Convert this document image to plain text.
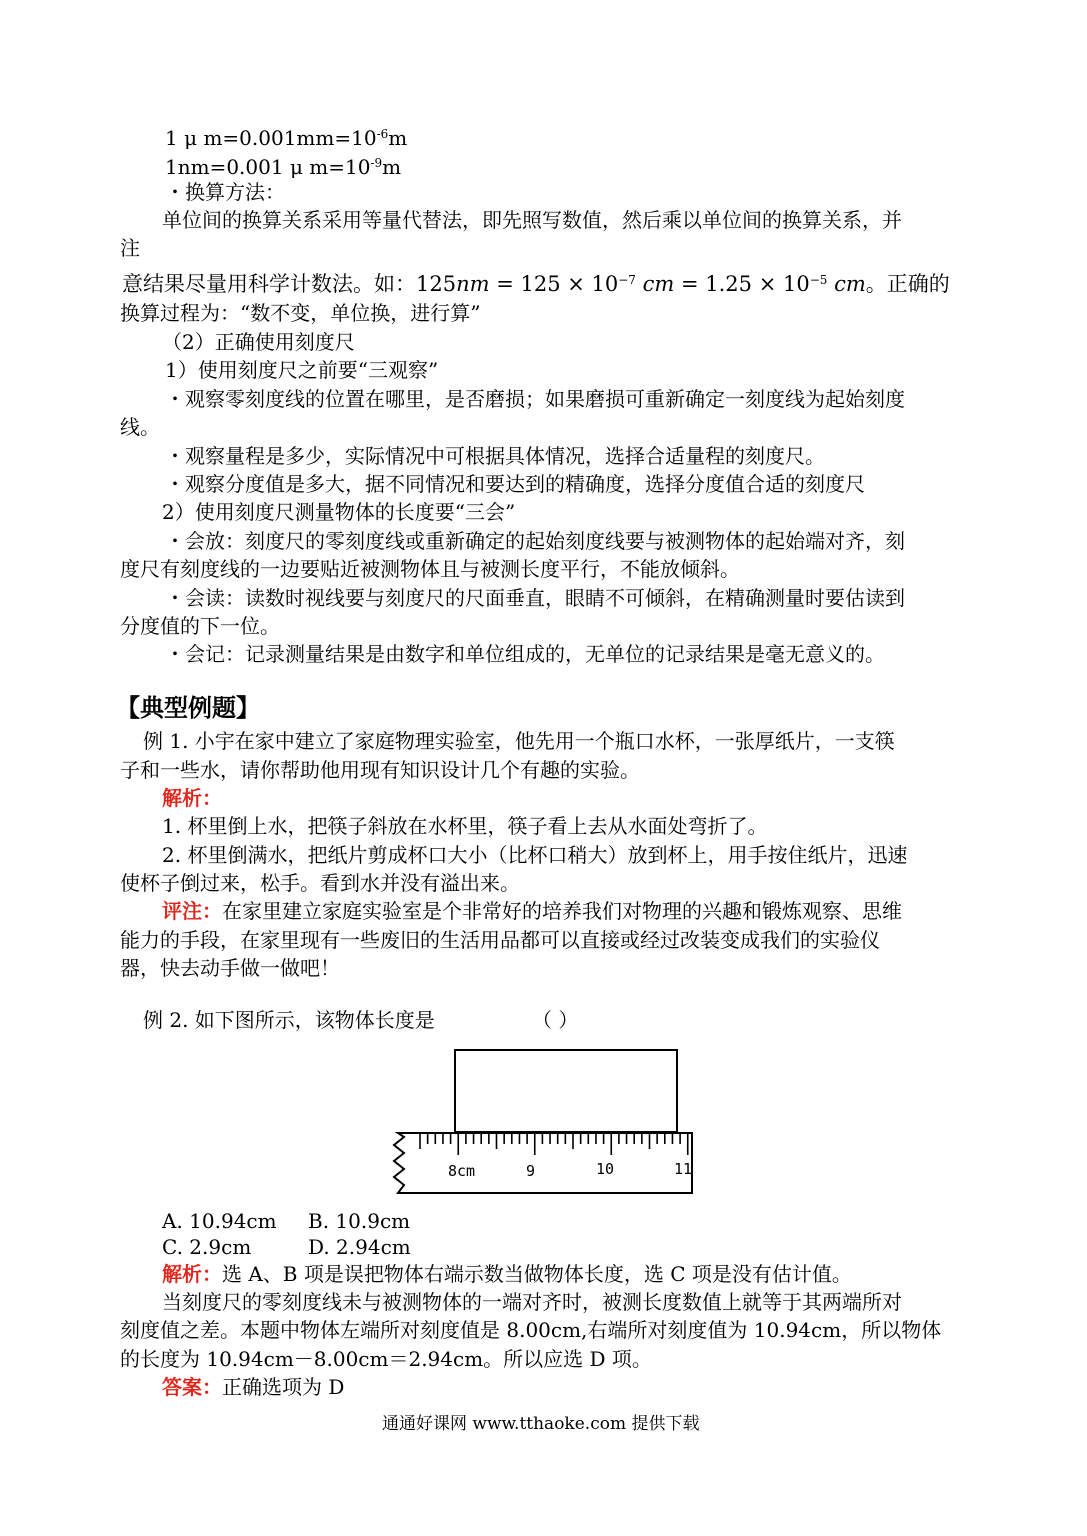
1 μ $m=0.001mm=10^{-6}m$
1nm=0.001 μ $m=10^{-9}m$
・换算方法：
单位间的换算关系采用等量代替法，即先照写数值，然后乘以单位间的换算关系，并
注
意结果尽量用科学计数法。如：$125nm = 125 \times 10^{-7}$ cm = $1.25 \times 10^{-5}$ cm。正确的
换算过程为：“数不变，单位换，进行算”
（2）正确使用刻度尺
1）使用刻度尺之前要“三观察”
・观察零刻度线的位置在哪里，是否磨损；如果磨损可重新确定一刻度线为起始刻度
线。
・观察量程是多少，实际情况中可根据具体情况，选择合适量程的刻度尺。
・观察分度值是多大，据不同情况和要达到的精确度，选择分度值合适的刻度尺
2）使用刻度尺测量物体的长度要“三会”
・会放：刻度尺的零刻度线或重新确定的起始刻度线要与被测物体的起始端对齐，刻
度尺有刻度线的一边要贴近被测物体且与被测长度平行，不能放倾斜。
・会读：读数时视线要与刻度尺的尺面垂直，眼睛不可倾斜，在精确测量时要估读到
分度值的下一位。
・会记：记录测量结果是由数字和单位组成的，无单位的记录结果是毫无意义的。
【典型例题】
例 1. 小宇在家中建立了家庭物理实验室，他先用一个瓶口水杯，一张厚纸片，一支筷
子和一些水，请你帮助他用现有知识设计几个有趣的实验。
解析：
1. 杯里倒上水，把筷子斜放在水杯里，筷子看上去从水面处弯折了。
2. 杯里倒满水，把纸片剪成杯口大小（比杯口稍大）放到杯上，用手按住纸片，迅速
使杯子倒过来，松手。看到水并没有溢出来。
评注：在家里建立家庭实验室是个非常好的培养我们对物理的兴趣和锻炼观察、思维
能力的手段，在家里现有一些废旧的生活用品都可以直接或经过改装变成我们的实验仪
器，快去动手做一做吧！
例 2. 如下图所示，该物体长度是	（ ）
8cm	9	10	11
A. 10.94cm B. 10.9cm
C. 2.9cm	D. 2.94cm
解析：选 A、B 项是误把物体右端示数当做物体长度，选 C 项是没有估计值。
当刻度尺的零刻度线未与被测物体的一端对齐时，被测长度数值上就等于其两端所对
刻度值之差。本题中物体左端所对刻度值是 8.00cm,右端所对刻度值为 10.94cm，所以物体
的长度为 10.94cm－8.00cm＝2.94cm。所以应选 D 项。
答案：正确选项为 D
通通好课网 www.tthaoke.com 提供下载
